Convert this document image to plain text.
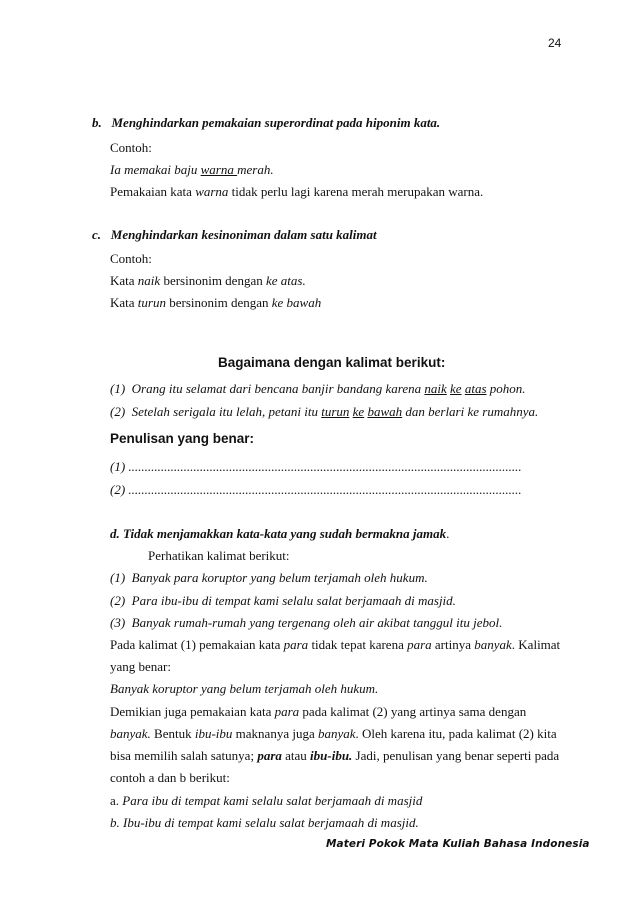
24
b.   Menghindarkan pemakaian superordinat pada hiponim kata.
Contoh:
Ia memakai baju warna merah.
Pemakaian kata warna tidak perlu lagi karena merah merupakan warna.
c.   Menghindarkan kesinoniman dalam satu kalimat
Contoh:
Kata naik bersinonim dengan ke atas.
Kata turun bersinonim dengan ke bawah
Bagaimana dengan kalimat berikut:
(1)  Orang itu selamat dari bencana banjir bandang karena naik ke atas pohon.
(2)  Setelah serigala itu lelah, petani itu turun ke bawah dan berlari ke rumahnya.
Penulisan yang benar:
(1) .........................................................................................................................
(2) .........................................................................................................................
d. Tidak menjamakkan kata-kata yang sudah bermakna jamak.
Perhatikan kalimat berikut:
(1)  Banyak para koruptor yang belum terjamah oleh hukum.
(2)  Para ibu-ibu di tempat kami selalu salat berjamaah di masjid.
(3)  Banyak rumah-rumah yang tergenang oleh air akibat tanggul itu jebol.
Pada kalimat (1) pemakaian kata para tidak tepat karena para artinya banyak. Kalimat
yang benar:
Banyak koruptor yang belum terjamah oleh hukum.
Demikian juga pemakaian kata para pada kalimat (2) yang artinya sama dengan
banyak. Bentuk ibu-ibu maknanya juga banyak. Oleh karena itu, pada kalimat (2) kita
bisa memilih salah satunya; para atau ibu-ibu. Jadi, penulisan yang benar seperti pada
contoh a dan b berikut:
a. Para ibu di tempat kami selalu salat berjamaah di masjid
b. Ibu-ibu di tempat kami selalu salat berjamaah di masjid.
Materi Pokok Mata Kuliah Bahasa Indonesia
